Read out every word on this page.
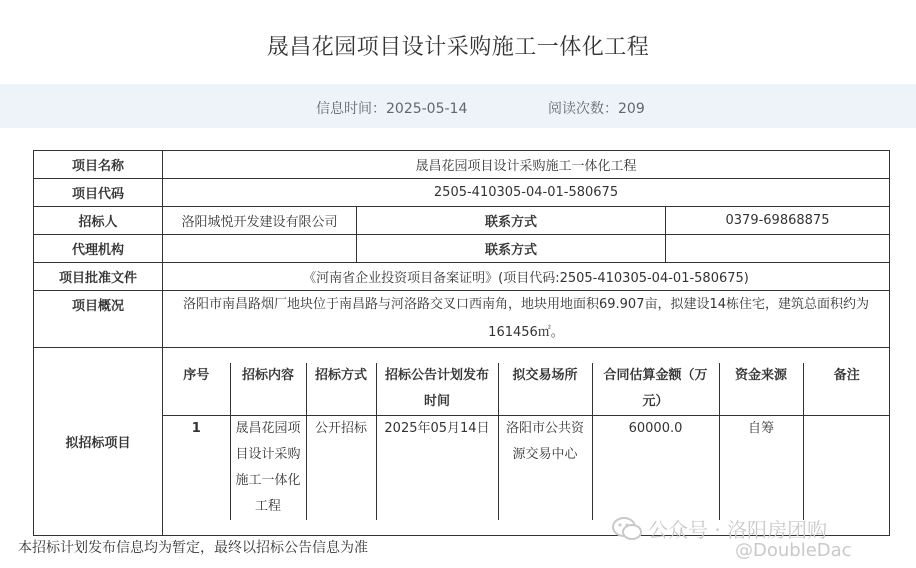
晟昌花园项目设计采购施工一体化工程
信息时间：2025-05-14	阅读次数：209
项目名称	晟昌花园项目设计采购施工一体化工程
项目代码	2505-410305-04-01-580675
招标人	洛阳城悦开发建设有限公司	联系方式	0379-69868875
代理机构		联系方式	
项目批准文件	《河南省企业投资项目备案证明》(项目代码:2505-410305-04-01-580675)
项目概况	洛阳市南昌路烟厂地块位于南昌路与河洛路交叉口西南角，地块用地面积69.907亩，拟建设14栋住宅，建筑总面积约为161456㎡。
拟招标项目	
序号	招标内容	招标方式	招标公告计划发布时间	拟交易场所	合同估算金额（万元）	资金来源	备注
1	晟昌花园项目设计采购施工一体化工程	公开招标	2025年05月14日	洛阳市公共资源交易中心	60000.0	自筹	
本招标计划发布信息均为暂定，最终以招标公告信息为准
公众号 · 洛阳房团购
@DoubleDac
